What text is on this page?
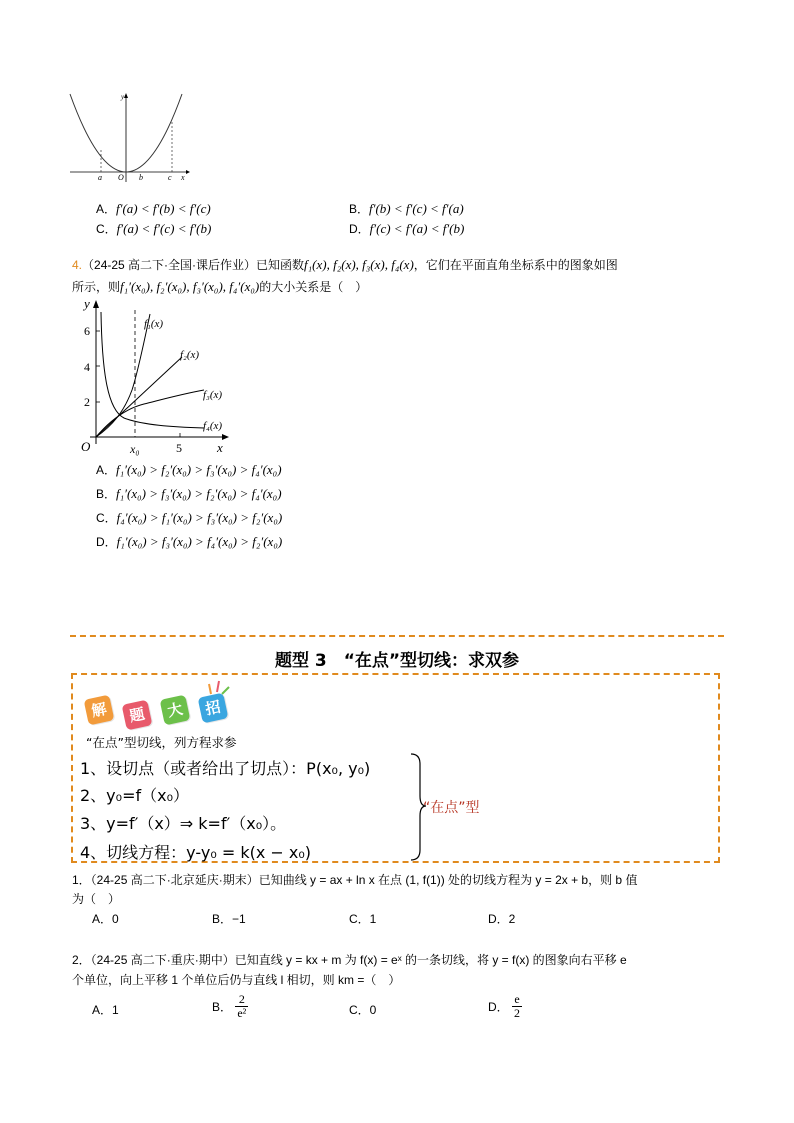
y
x
a O b	c
A．f′(a) < f′(b) < f′(c)	B．f′(b) < f′(c) < f′(a)
C．f′(a) < f′(c) < f′(b)	D．f′(c) < f′(a) < f′(b)
4.（24-25 高二下·全国·课后作业）已知函数f₁(x), f₂(x), f₃(x), f₄(x)，它们在平面直角坐标系中的图象如图
所示，则f₁′(x₀), f₂′(x₀), f₃′(x₀), f₄′(x₀)的大小关系是（　）
y
x
O
6
4
2
5
x₀
f₁(x)
f₂(x)
f₃(x)
f₄(x)
A．f₁′(x₀) > f₂′(x₀) > f₃′(x₀) > f₄′(x₀)
B．f₁′(x₀) > f₃′(x₀) > f₂′(x₀) > f₄′(x₀)
C．f₄′(x₀) > f₁′(x₀) > f₃′(x₀) > f₂′(x₀)
D．f₁′(x₀) > f₃′(x₀) > f₄′(x₀) > f₂′(x₀)
题型 3　“在点”型切线：求双参
解	题	大	招
“在点”型切线，列方程求参
1、设切点（或者给出了切点）：P(x₀, y₀)
2、y₀=f（x₀）
3、y=f′（x）⇒ k=f′（x₀）。
4、切线方程：y-y₀ = k(x − x₀)
“在点”型
1．（24-25 高二下·北京延庆·期末）已知曲线 y = ax + ln x 在点 (1, f(1)) 处的切线方程为 y = 2x + b，则 b 值
为（　）
A．0	B．−1	C．1	D．2
2．（24-25 高二下·重庆·期中）已知直线 y = kx + m 为 f(x) = eˣ 的一条切线，将 y = f(x) 的图象向右平移 e
个单位，向上平移 1 个单位后仍与直线 l 相切，则 km =（　）
A．1	B． $\frac{2}{\text{e²}}$	C．0	D． $\frac{e}{2}$
